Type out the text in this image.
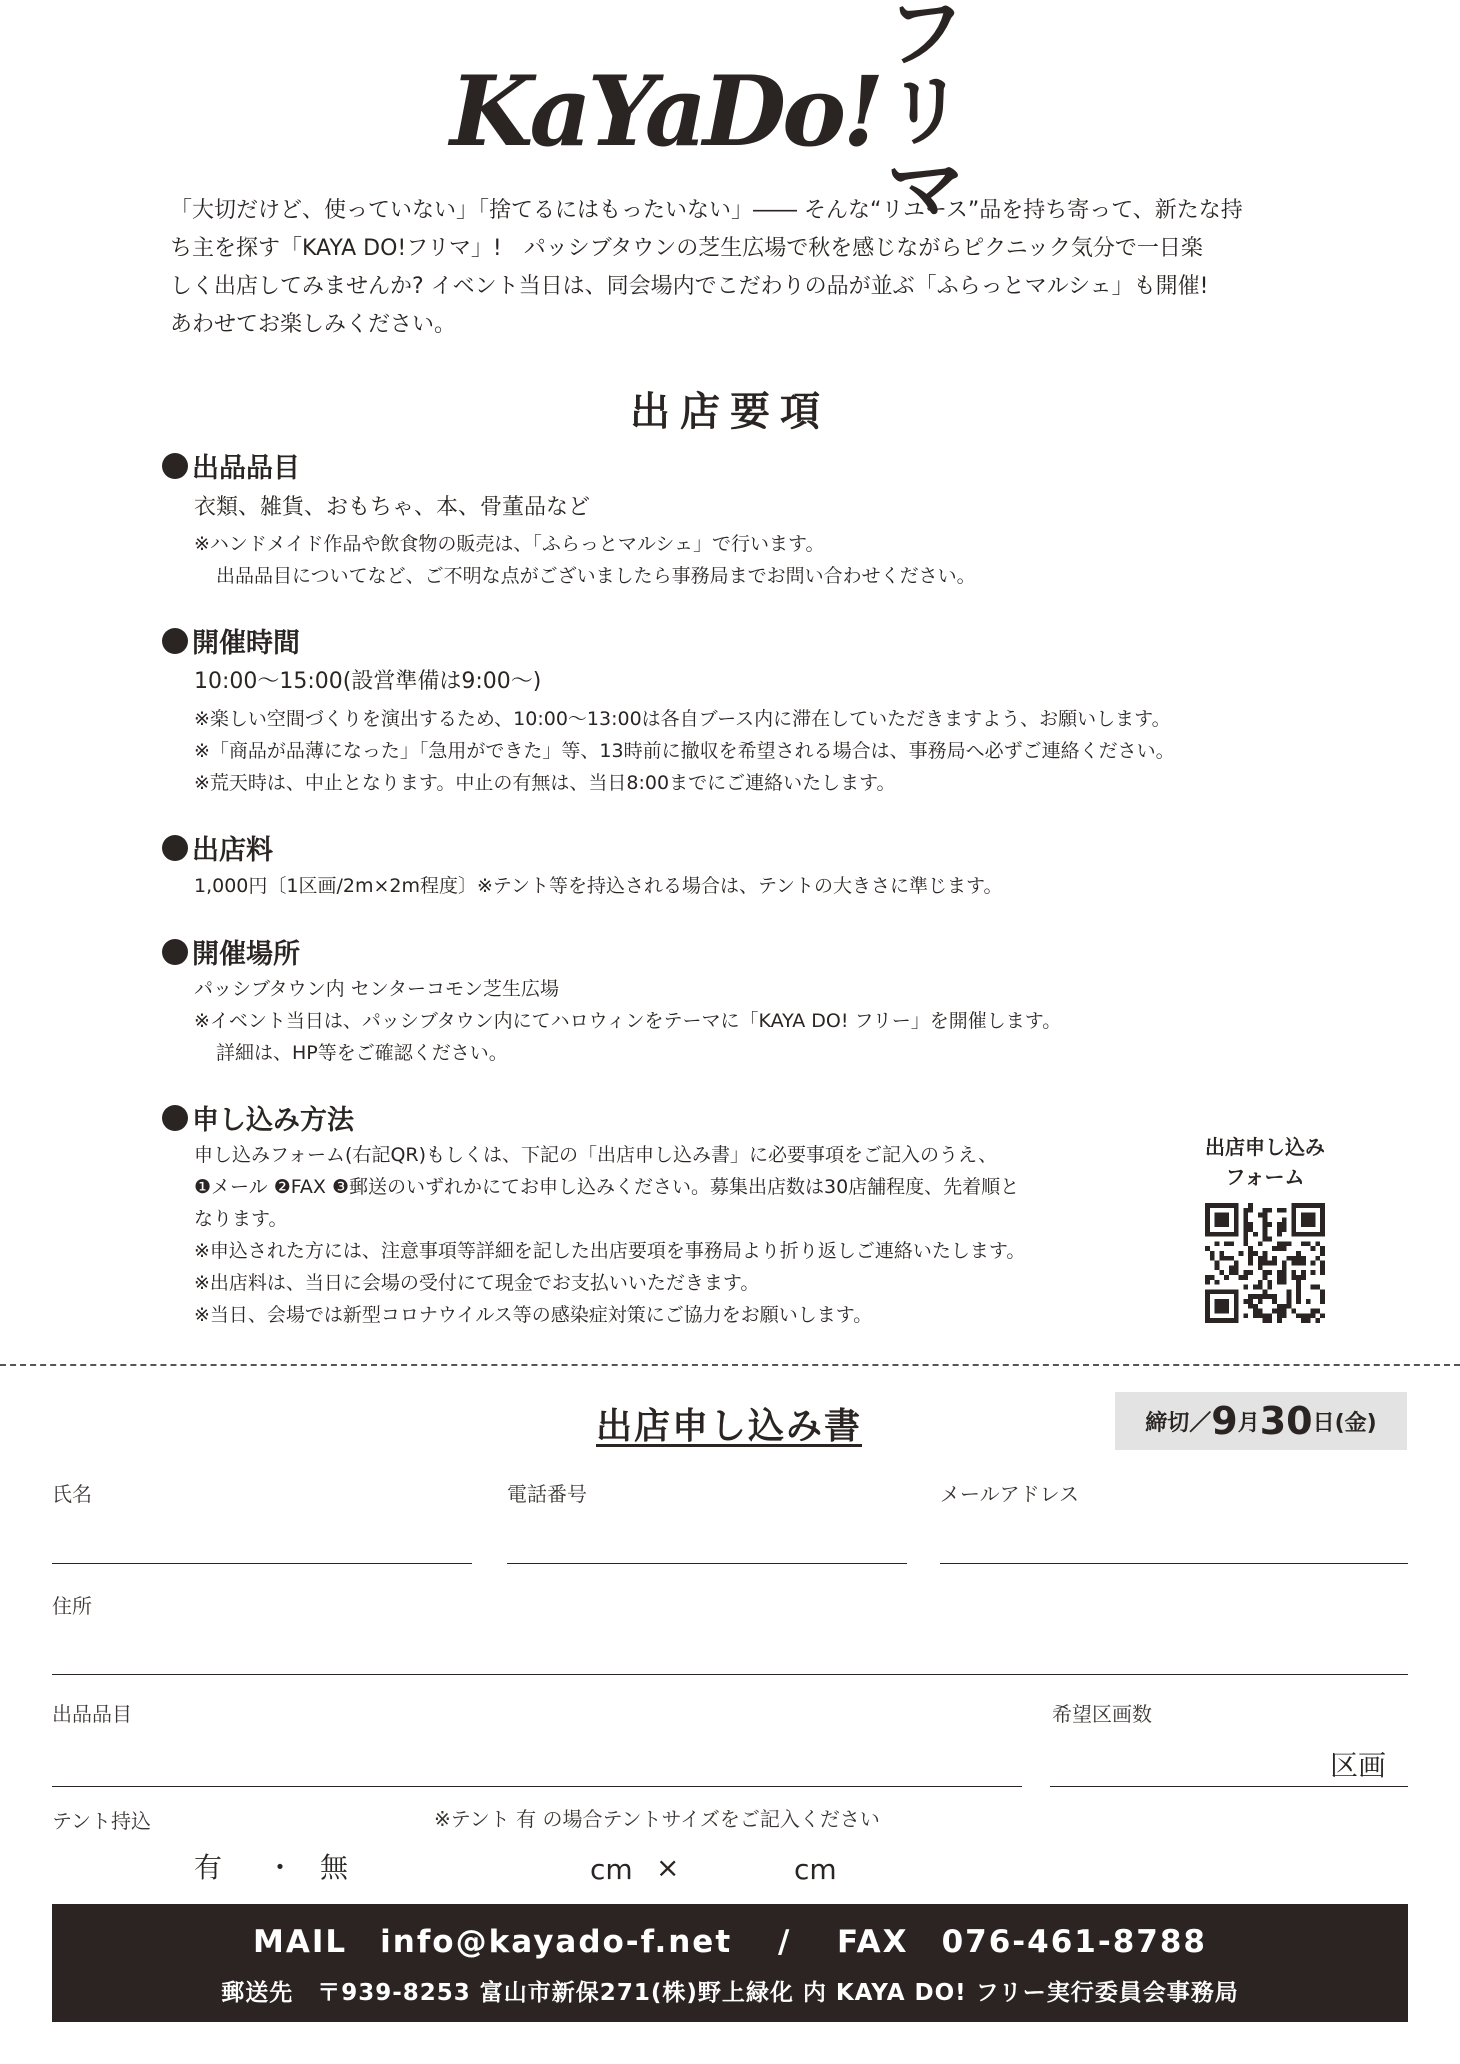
KaYaDo!
フリマ

「大切だけど、使っていない」「捨てるにはもったいない」―― そんな“リユース”品を持ち寄って、新たな持

ち主を探す「KAYA DO!フリマ」!　パッシブタウンの芝生広場で秋を感じながらピクニック気分で一日楽

しく出店してみませんか? イベント当日は、同会場内でこだわりの品が並ぶ「ふらっとマルシェ」も開催!

あわせてお楽しみください。

出店要項
出品品目
衣類、雑貨、おもちゃ、本、骨董品など
※ハンドメイド作品や飲食物の販売は、「ふらっとマルシェ」で行います。
出品品目についてなど、ご不明な点がございましたら事務局までお問い合わせください。
開催時間
10:00〜15:00(設営準備は9:00〜)
※楽しい空間づくりを演出するため、10:00〜13:00は各自ブース内に滞在していただきますよう、お願いします。
※「商品が品薄になった」「急用ができた」等、13時前に撤収を希望される場合は、事務局へ必ずご連絡ください。
※荒天時は、中止となります。中止の有無は、当日8:00までにご連絡いたします。
出店料
1,000円〔1区画/2m×2m程度〕※テント等を持込される場合は、テントの大きさに準じます。
開催場所
パッシブタウン内 センターコモン芝生広場
※イベント当日は、パッシブタウン内にてハロウィンをテーマに「KAYA DO! フリー」を開催します。
詳細は、HP等をご確認ください。
申し込み方法
申し込みフォーム(右記QR)もしくは、下記の「出店申し込み書」に必要事項をご記入のうえ、
❶メール ❷FAX ❸郵送のいずれかにてお申し込みください。募集出店数は30店舗程度、先着順と
なります。
※申込された方には、注意事項等詳細を記した出店要項を事務局より折り返しご連絡いたします。
※出店料は、当日に会場の受付にて現金でお支払いいただきます。
※当日、会場では新型コロナウイルス等の感染症対策にご協力をお願いします。

出店申し込み

フォーム

出店申し込み書	締切／ 9 月 30 日 (金)
氏名	電話番号	メールアドレス
住所
出品品目	希望区画数
区画
テント持込	※テント 有 の場合テントサイズをご記入ください
有 ・ 無	cm ×	cm
MAIL　info@kayado-f.net　 /　 FAX　076-461-8788
郵送先　〒939-8253 富山市新保271(株)野上緑化 内 KAYA DO! フリー実行委員会事務局
